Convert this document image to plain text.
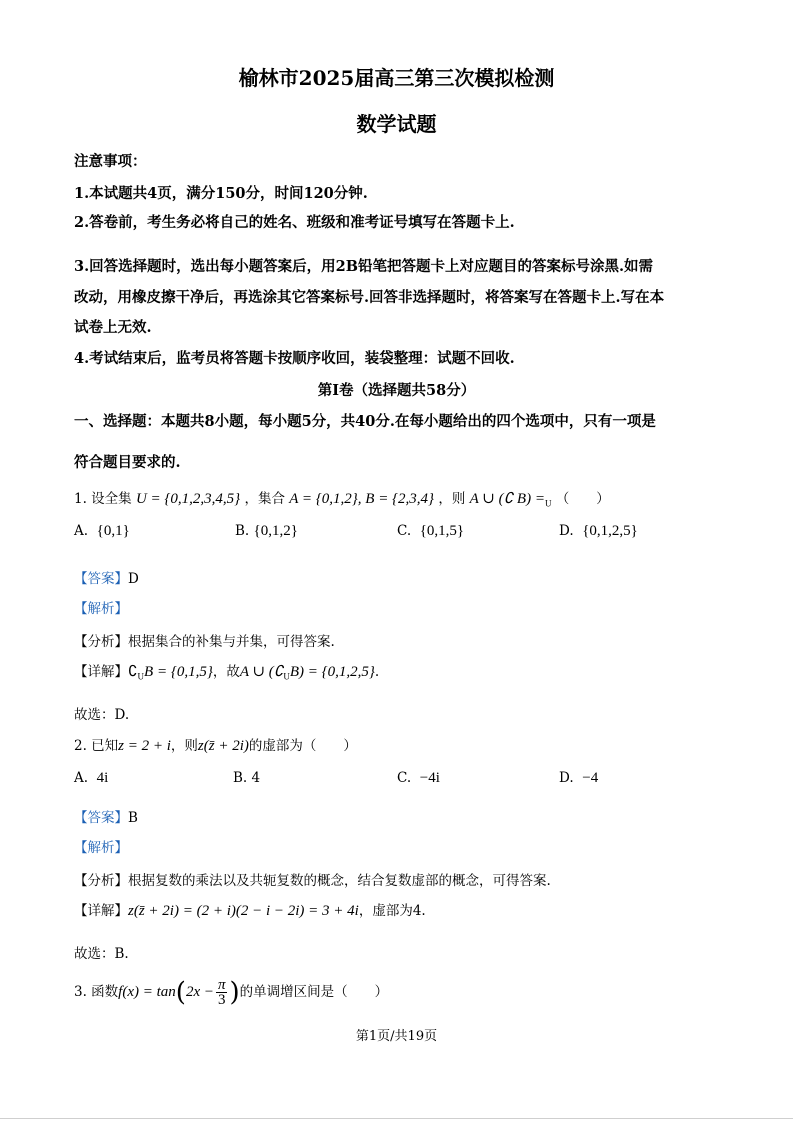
榆林市2025届高三第三次模拟检测
数学试题
注意事项：
1.本试题共4页，满分150分，时间120分钟.
2.答卷前，考生务必将自己的姓名、班级和准考证号填写在答题卡上.
3.回答选择题时，选出每小题答案后，用2B铅笔把答题卡上对应题目的答案标号涂黑.如需
改动，用橡皮擦干净后，再选涂其它答案标号.回答非选择题时，将答案写在答题卡上.写在本
试卷上无效.
4.考试结束后，监考员将答题卡按顺序收回，装袋整理：试题不回收.
第Ⅰ卷（选择题共58分）
一、选择题：本题共8小题，每小题5分，共40分.在每小题给出的四个选项中，只有一项是
符合题目要求的.
1. 设全集 U = {0,1,2,3,4,5} ，集合 A = {0,1,2}, B = {2,3,4} ，则 A ∪ (∁ $B) =_U$ （　　）
A. {0,1}	B. {0,1,2}	C. {0,1,5}	D. {0,1,2,5}
【答案】D
【解析】
【分析】根据集合的补集与并集，可得答案.
【详解】$∁_UB = \{0,1,5\}$，故A ∪ $(∁_UB) = \{0,1,2,5\}$.
故选：D.
2. 已知z = 2 + i，则z(z̄ + 2i)的虚部为（　　）
A. 4i	B. 4	C. −4i	D. −4
【答案】B
【解析】
【分析】根据复数的乘法以及共轭复数的概念，结合复数虚部的概念，可得答案.
【详解】z(z̄ + 2i) = (2 + i)(2 − i − 2i) = 3 + 4i，虚部为4.
故选：B.
3. 函数$f(x) = \tan(2x - \frac{\pi}{3}$ )的单调增区间是（　　）
第1页/共19页
